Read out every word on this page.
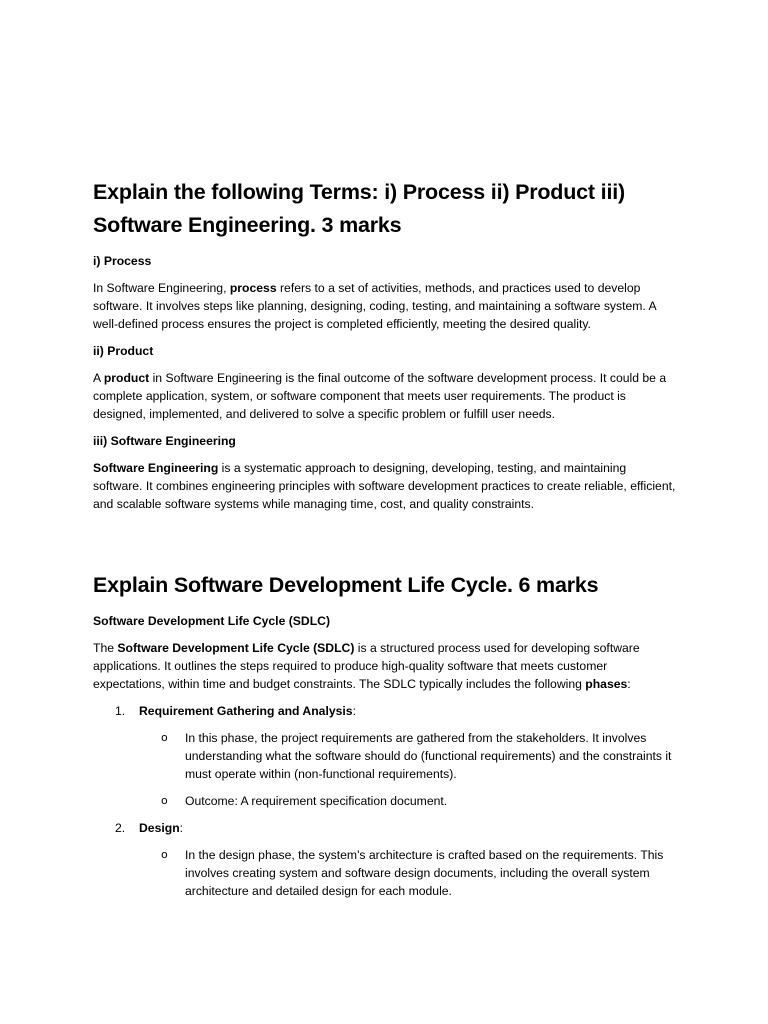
Explain the following Terms: i) Process ii) Product iii)
Software Engineering. 3 marks
i) Process
In Software Engineering, process refers to a set of activities, methods, and practices used to develop software. It involves steps like planning, designing, coding, testing, and maintaining a software system. A well-defined process ensures the project is completed efficiently, meeting the desired quality.
ii) Product
A product in Software Engineering is the final outcome of the software development process. It could be a complete application, system, or software component that meets user requirements. The product is designed, implemented, and delivered to solve a specific problem or fulfill user needs.
iii) Software Engineering
Software Engineering is a systematic approach to designing, developing, testing, and maintaining software. It combines engineering principles with software development practices to create reliable, efficient, and scalable software systems while managing time, cost, and quality constraints.
Explain Software Development Life Cycle. 6 marks
Software Development Life Cycle (SDLC)
The Software Development Life Cycle (SDLC) is a structured process used for developing software applications. It outlines the steps required to produce high-quality software that meets customer expectations, within time and budget constraints. The SDLC typically includes the following phases:
1. Requirement Gathering and Analysis:
o In this phase, the project requirements are gathered from the stakeholders. It involves understanding what the software should do (functional requirements) and the constraints it must operate within (non-functional requirements).
o Outcome: A requirement specification document.
2. Design:
o In the design phase, the system's architecture is crafted based on the requirements. This involves creating system and software design documents, including the overall system architecture and detailed design for each module.
